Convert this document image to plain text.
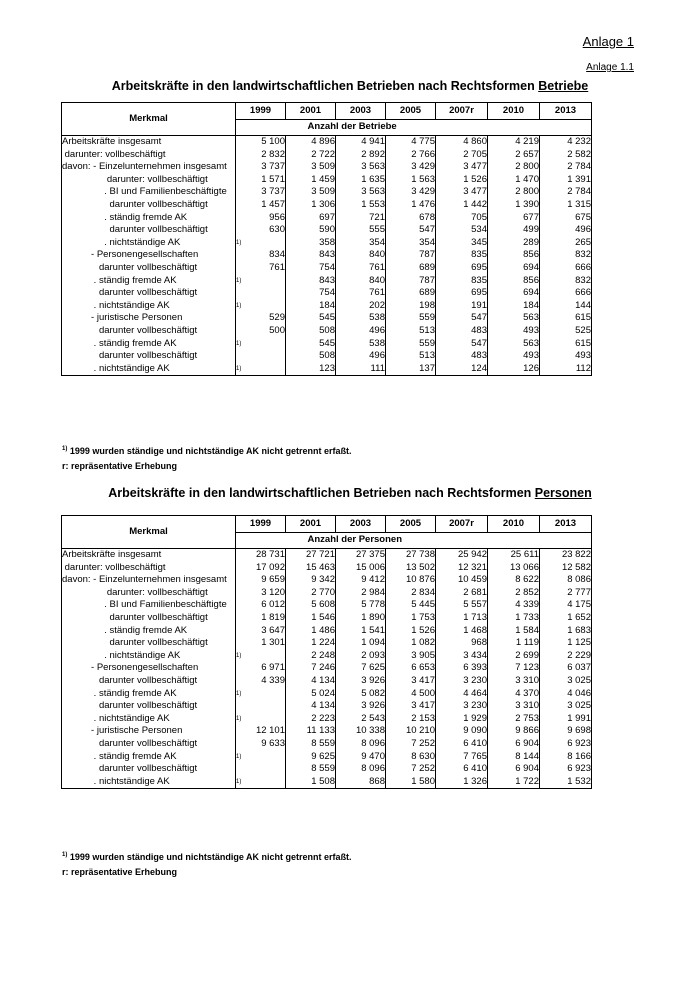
Anlage 1
Anlage 1.1
Arbeitskräfte in den landwirtschaftlichen Betrieben nach Rechtsformen Betriebe
Merkmal	1999	2001	2003	2005	2007r	2010	2013
		Anzahl der Betriebe					
Arbeitskräfte insgesamt	5 100	4 896	4 941	4 775	4 860	4 219	4 232
darunter: vollbeschäftigt	2 832	2 722	2 892	2 766	2 705	2 657	2 582

davon: - Einzelunternehmen insgesamt	3 737	3 509	3 563	3 429	3 477	2 800	2 784
darunter: vollbeschäftigt	1 571	1 459	1 635	1 563	1 526	1 470	1 391
. BI und Familienbeschäftigte	3 737	3 509	3 563	3 429	3 477	2 800	2 784
darunter vollbeschäftigt	1 457	1 306	1 553	1 476	1 442	1 390	1 315
. ständig fremde AK	956	697	721	678	705	677	675
darunter vollbeschäftigt	630	590	555	547	534	499	496
. nichtständige AK	1)	358	354	354	345	289	265

- Personengesellschaften	834	843	840	787	835	856	832
darunter vollbeschäftigt	761	754	761	689	695	694	666
. ständig fremde AK	1)	843	840	787	835	856	832
darunter vollbeschäftigt		754	761	689	695	694	666
. nichtständige AK	1)	184	202	198	191	184	144

- juristische Personen	529	545	538	559	547	563	615
darunter vollbeschäftigt	500	508	496	513	483	493	525
. ständig fremde AK	1)	545	538	559	547	563	615
darunter vollbeschäftigt		508	496	513	483	493	493
. nichtständige AK	1)	123	111	137	124	126	112
$^{1)}$ 1999 wurden ständige und nichtständige AK nicht getrennt erfaßt.
r: repräsentative Erhebung
Arbeitskräfte in den landwirtschaftlichen Betrieben nach Rechtsformen Personen
Merkmal	1999	2001	2003	2005	2007r	2010	2013
		Anzahl der Personen					
Arbeitskräfte insgesamt	28 731	27 721	27 375	27 738	25 942	25 611	23 822
darunter: vollbeschäftigt	17 092	15 463	15 006	13 502	12 321	13 066	12 582

davon: - Einzelunternehmen insgesamt	9 659	9 342	9 412	10 876	10 459	8 622	8 086
darunter: vollbeschäftigt	3 120	2 770	2 984	2 834	2 681	2 852	2 777
. BI und Familienbeschäftigte	6 012	5 608	5 778	5 445	5 557	4 339	4 175
darunter vollbeschäftigt	1 819	1 546	1 890	1 753	1 713	1 733	1 652
. ständig fremde AK	3 647	1 486	1 541	1 526	1 468	1 584	1 683
darunter vollbeschäftigt	1 301	1 224	1 094	1 082	968	1 119	1 125
. nichtständige AK	1)	2 248	2 093	3 905	3 434	2 699	2 229

- Personengesellschaften	6 971	7 246	7 625	6 653	6 393	7 123	6 037
darunter vollbeschäftigt	4 339	4 134	3 926	3 417	3 230	3 310	3 025
. ständig fremde AK	1)	5 024	5 082	4 500	4 464	4 370	4 046
darunter vollbeschäftigt		4 134	3 926	3 417	3 230	3 310	3 025
. nichtständige AK	1)	2 223	2 543	2 153	1 929	2 753	1 991

- juristische Personen	12 101	11 133	10 338	10 210	9 090	9 866	9 698
darunter vollbeschäftigt	9 633	8 559	8 096	7 252	6 410	6 904	6 923
. ständig fremde AK	1)	9 625	9 470	8 630	7 765	8 144	8 166
darunter vollbeschäftigt		8 559	8 096	7 252	6 410	6 904	6 923
. nichtständige AK	1)	1 508	868	1 580	1 326	1 722	1 532
$^{1)}$ 1999 wurden ständige und nichtständige AK nicht getrennt erfaßt.
r: repräsentative Erhebung
